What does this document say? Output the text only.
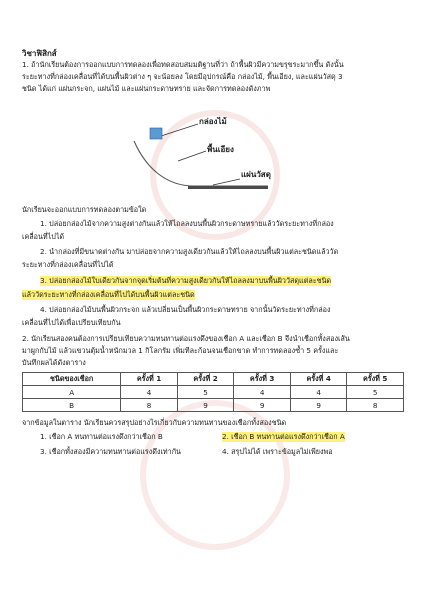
วิชาฟิสิกส์
1. ถ้านักเรียนต้องการออกแบบการทดลองเพื่อทดสอบสมมติฐานที่ว่า ถ้าพื้นผิวมีความขรุขระมากขึ้น ดังนั้น
ระยะทางที่กล่องเคลื่อนที่ได้บนพื้นผิวต่าง ๆ จะน้อยลง โดยมีอุปกรณ์คือ กล่องไม้, พื้นเอียง, และแผ่นวัสดุ 3
ชนิด ได้แก่ แผ่นกระจก, แผ่นไม้ และแผ่นกระดาษทราย และจัดการทดลองดังภาพ
กล่องไม้
พื้นเอียง
แผ่นวัสดุ
นักเรียนจะออกแบบการทดลองตามข้อใด
1. ปล่อยกล่องไม้จากความสูงต่างกันแล้วให้ไถลลงบนพื้นผิวกระดาษทรายแล้ววัดระยะทางที่กล่อง
เคลื่อนที่ไปได้
2. นำกล่องที่มีขนาดต่างกัน มาปล่อยจากความสูงเดียวกันแล้วให้ไถลลงบนพื้นผิวแต่ละชนิดแล้ววัด
ระยะทางที่กล่องเคลื่อนที่ไปได้
3. ปล่อยกล่องไม้ใบเดียวกันจากจุดเริ่มต้นที่ความสูงเดียวกันให้ไถลลงมาบนพื้นผิววัสดุแต่ละชนิด
แล้ววัดระยะทางที่กล่องเคลื่อนที่ไปได้บนพื้นผิวแต่ละชนิด
4. ปล่อยกล่องไม้บนพื้นผิวกระจก แล้วเปลี่ยนเป็นพื้นผิวกระดาษทราย จากนั้นวัดระยะทางที่กล่อง
เคลื่อนที่ไปได้เพื่อเปรียบเทียบกัน
2. นักเรียนสองคนต้องการเปรียบเทียบความทนทานต่อแรงดึงของเชือก A และเชือก B จึงนำเชือกทั้งสองเส้น
มาผูกกับไม้ แล้วแขวนตุ้มน้ำหนักมวล 1 กิโลกรัม เพิ่มทีละก้อนจนเชือกขาด ทำการทดลองซ้ำ 5 ครั้งและ
บันทึกผลได้ดังตาราง
ชนิดของเชือก	ครั้งที่ 1	ครั้งที่ 2	ครั้งที่ 3	ครั้งที่ 4	ครั้งที่ 5
A	4	5	4	4	5
B	8	9	9	9	8
จากข้อมูลในตาราง นักเรียนควรสรุปอย่างไรเกี่ยวกับความทนทานของเชือกทั้งสองชนิด
1. เชือก A ทนทานต่อแรงดึงกว่าเชือก B	2. เชือก B ทนทานต่อแรงดึงกว่าเชือก A
3. เชือกทั้งสองมีความทนทานต่อแรงดึงเท่ากัน	4. สรุปไม่ได้ เพราะข้อมูลไม่เพียงพอ
